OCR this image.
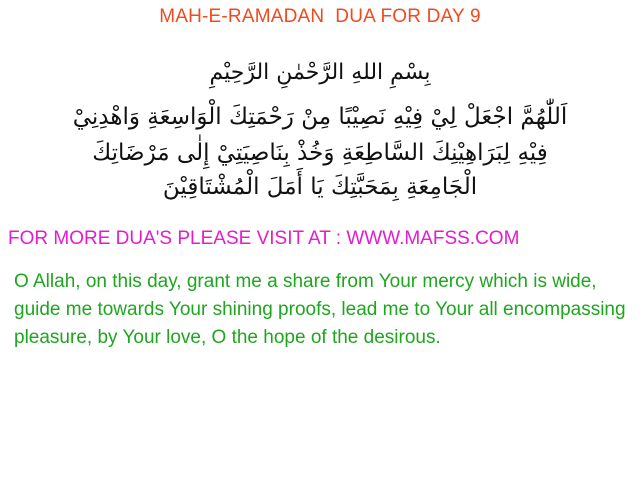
MAH-E-RAMADAN  DUA FOR DAY 9
بِسْمِ اللهِ الرَّحْمٰنِ الرَّحِيْمِ
اَللّٰهُمَّ اجْعَلْ لِيْ فِيْهِ نَصِيْبًا مِنْ رَحْمَتِكَ الْوَاسِعَةِ وَاهْدِنِيْ
فِيْهِ لِبَرَاهِيْنِكَ السَّاطِعَةِ وَخُذْ بِنَاصِيَتِيْ إِلٰى مَرْضَاتِكَ
الْجَامِعَةِ بِمَحَبَّتِكَ يَا أَمَلَ الْمُشْتَاقِيْنَ
FOR MORE DUA'S PLEASE VISIT AT : WWW.MAFSS.COM
O Allah, on this day, grant me a share from Your mercy which is wide, guide me towards Your shining proofs, lead me to Your all encompassing pleasure, by Your love, O the hope of the desirous.
